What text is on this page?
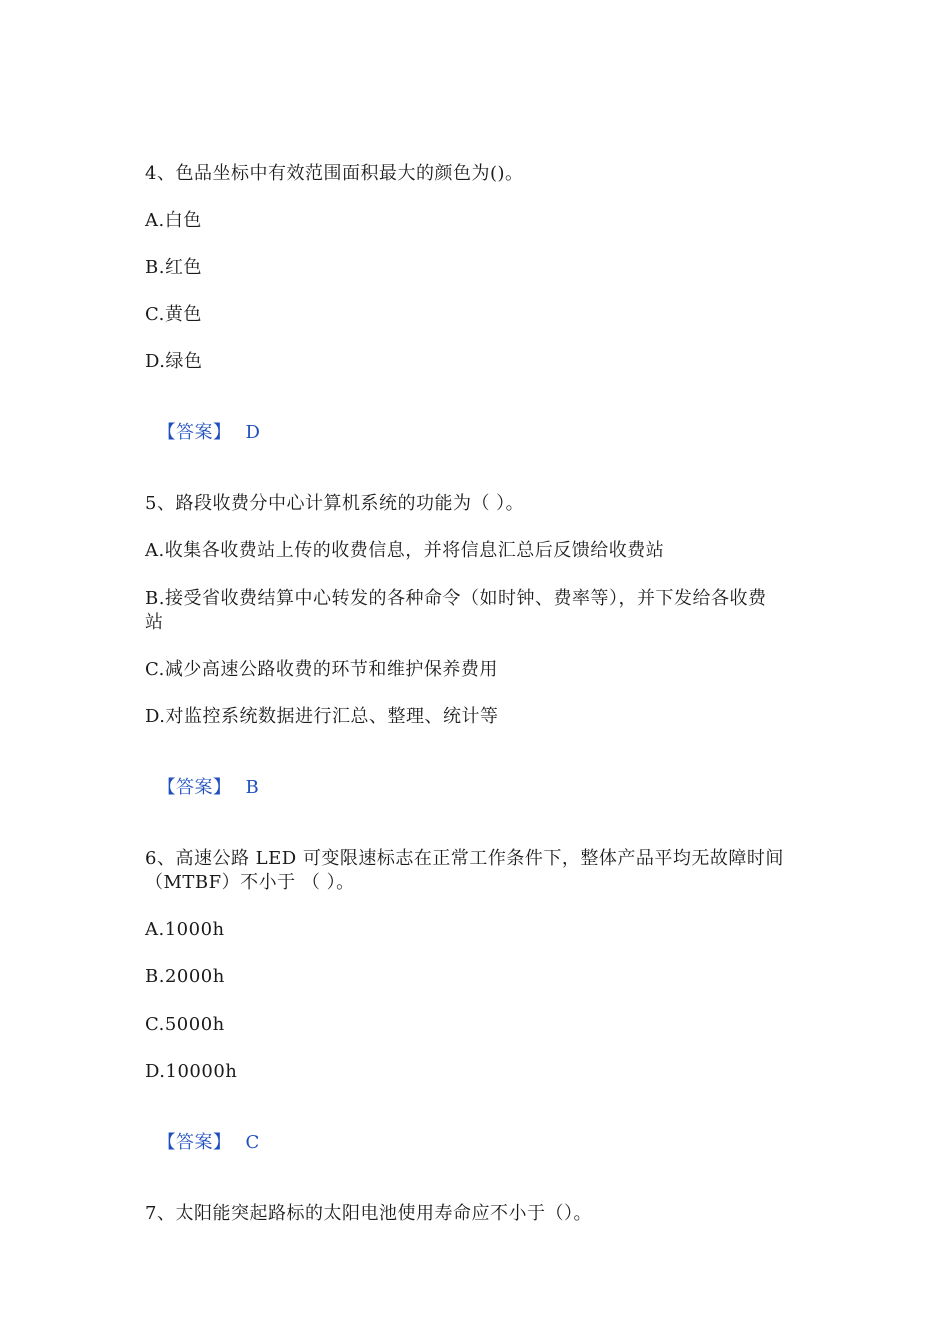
4、色品坐标中有效范围面积最大的颜色为()。
A.白色
B.红色
C.黄色
D.绿色

【答案】 D

5、路段收费分中心计算机系统的功能为（ ）。
A.收集各收费站上传的收费信息，并将信息汇总后反馈给收费站
B.接受省收费结算中心转发的各种命令（如时钟、费率等），并下发给各收费
站
C.减少高速公路收费的环节和维护保养费用
D.对监控系统数据进行汇总、整理、统计等

【答案】 B

6、高速公路 LED 可变限速标志在正常工作条件下，整体产品平均无故障时间
（MTBF）不小于 （ ）。
A.1000h
B.2000h
C.5000h
D.10000h

【答案】 C

7、太阳能突起路标的太阳电池使用寿命应不小于（）。
